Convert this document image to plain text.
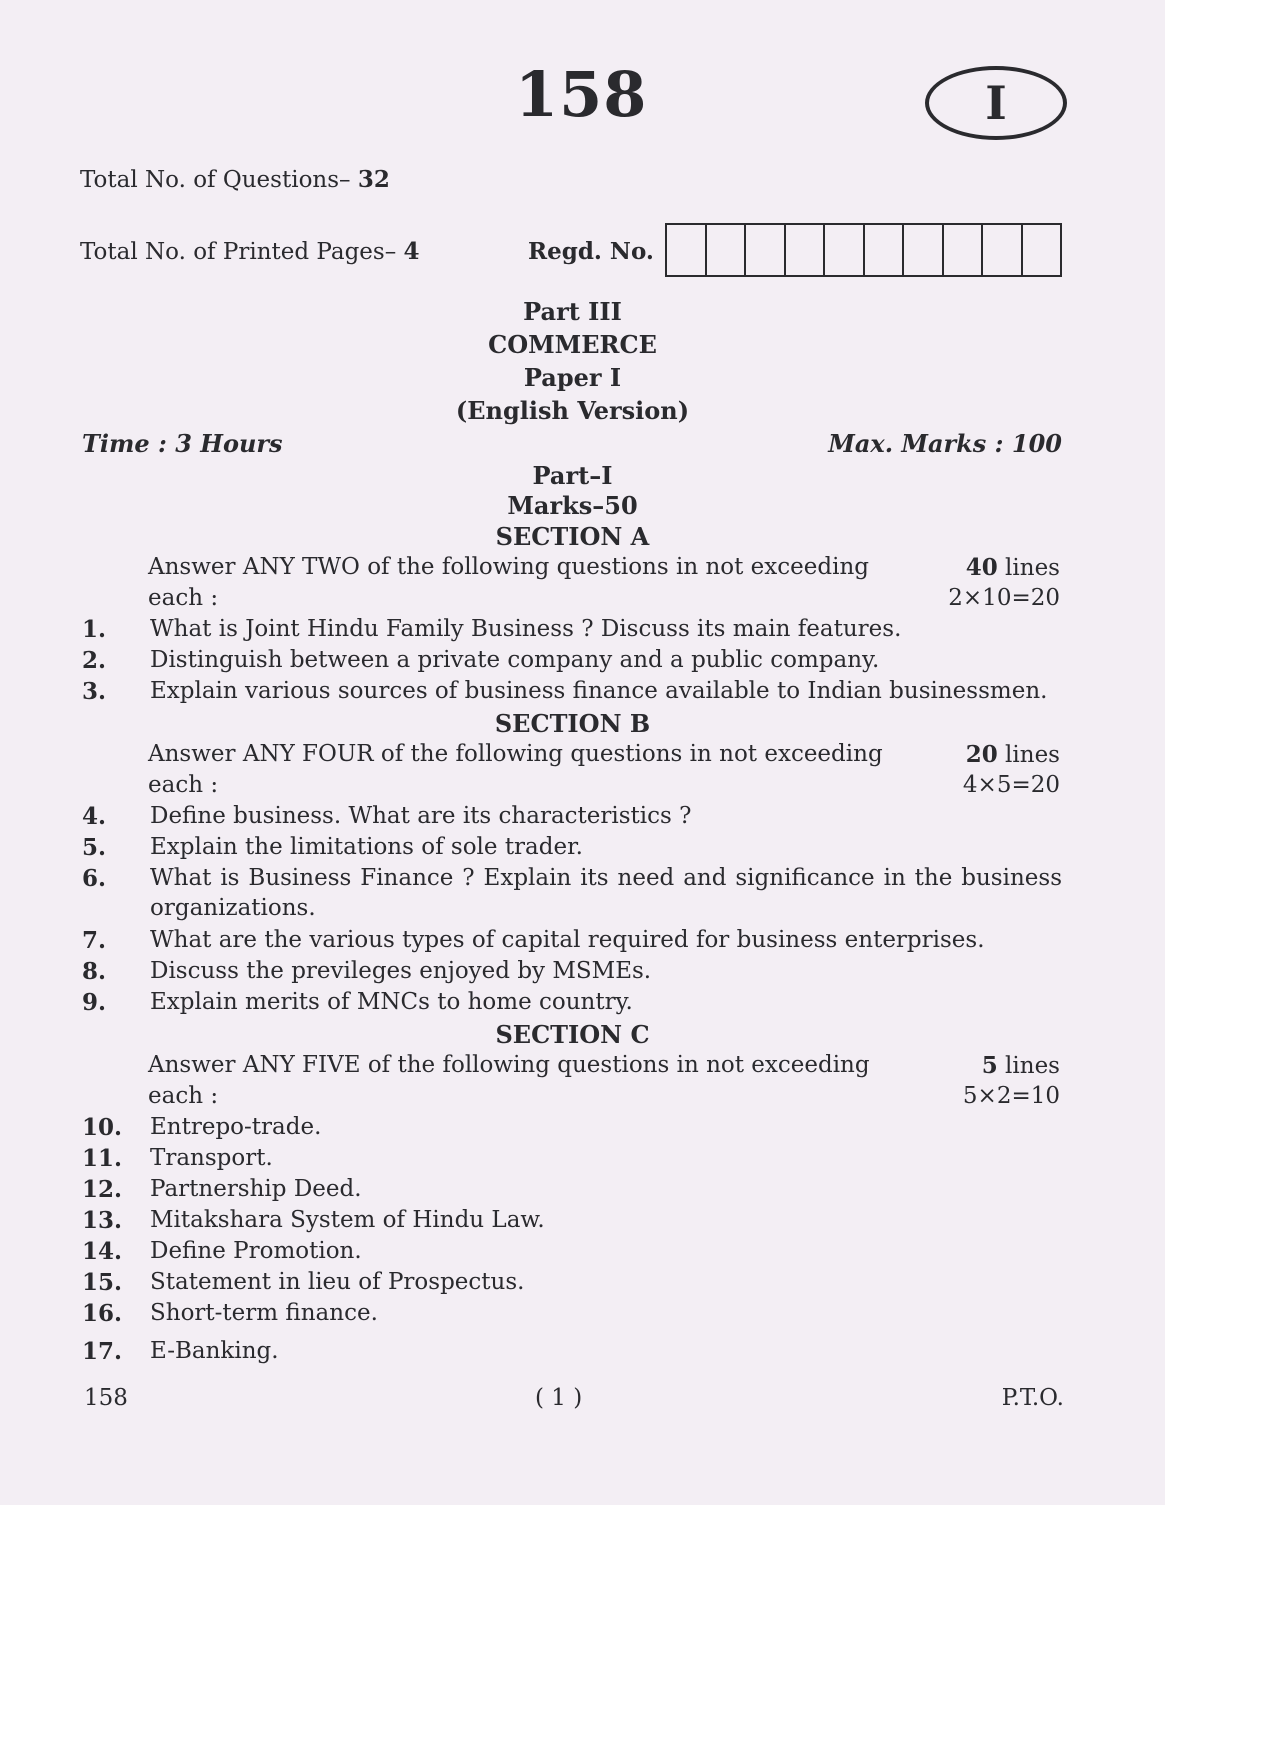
158	I
Total No. of Questions– 32
Total No. of Printed Pages– 4	Regd. No.
Part III
COMMERCE
Paper I
(English Version)
Time : 3 Hours	Max. Marks : 100
Part–I
Marks–50
SECTION A
Answer ANY TWO of the following questions in not exceeding	40 lines
each :	2×10=20
1. What is Joint Hindu Family Business ? Discuss its main features.
2. Distinguish between a private company and a public company.
3. Explain various sources of business finance available to Indian businessmen.
SECTION B
Answer ANY FOUR of the following questions in not exceeding	20 lines
each :	4×5=20
4. Define business. What are its characteristics ?
5. Explain the limitations of sole trader.
6. What is Business Finance ? Explain its need and significance in the business
organizations.
7. What are the various types of capital required for business enterprises.
8. Discuss the previleges enjoyed by MSMEs.
9. Explain merits of MNCs to home country.
SECTION C
Answer ANY FIVE of the following questions in not exceeding	5 lines
each :	5×2=10
10. Entrepo-trade.
11. Transport.
12. Partnership Deed.
13. Mitakshara System of Hindu Law.
14. Define Promotion.
15. Statement in lieu of Prospectus.
16. Short-term finance.
17. E-Banking.
158	( 1 )	P.T.O.
